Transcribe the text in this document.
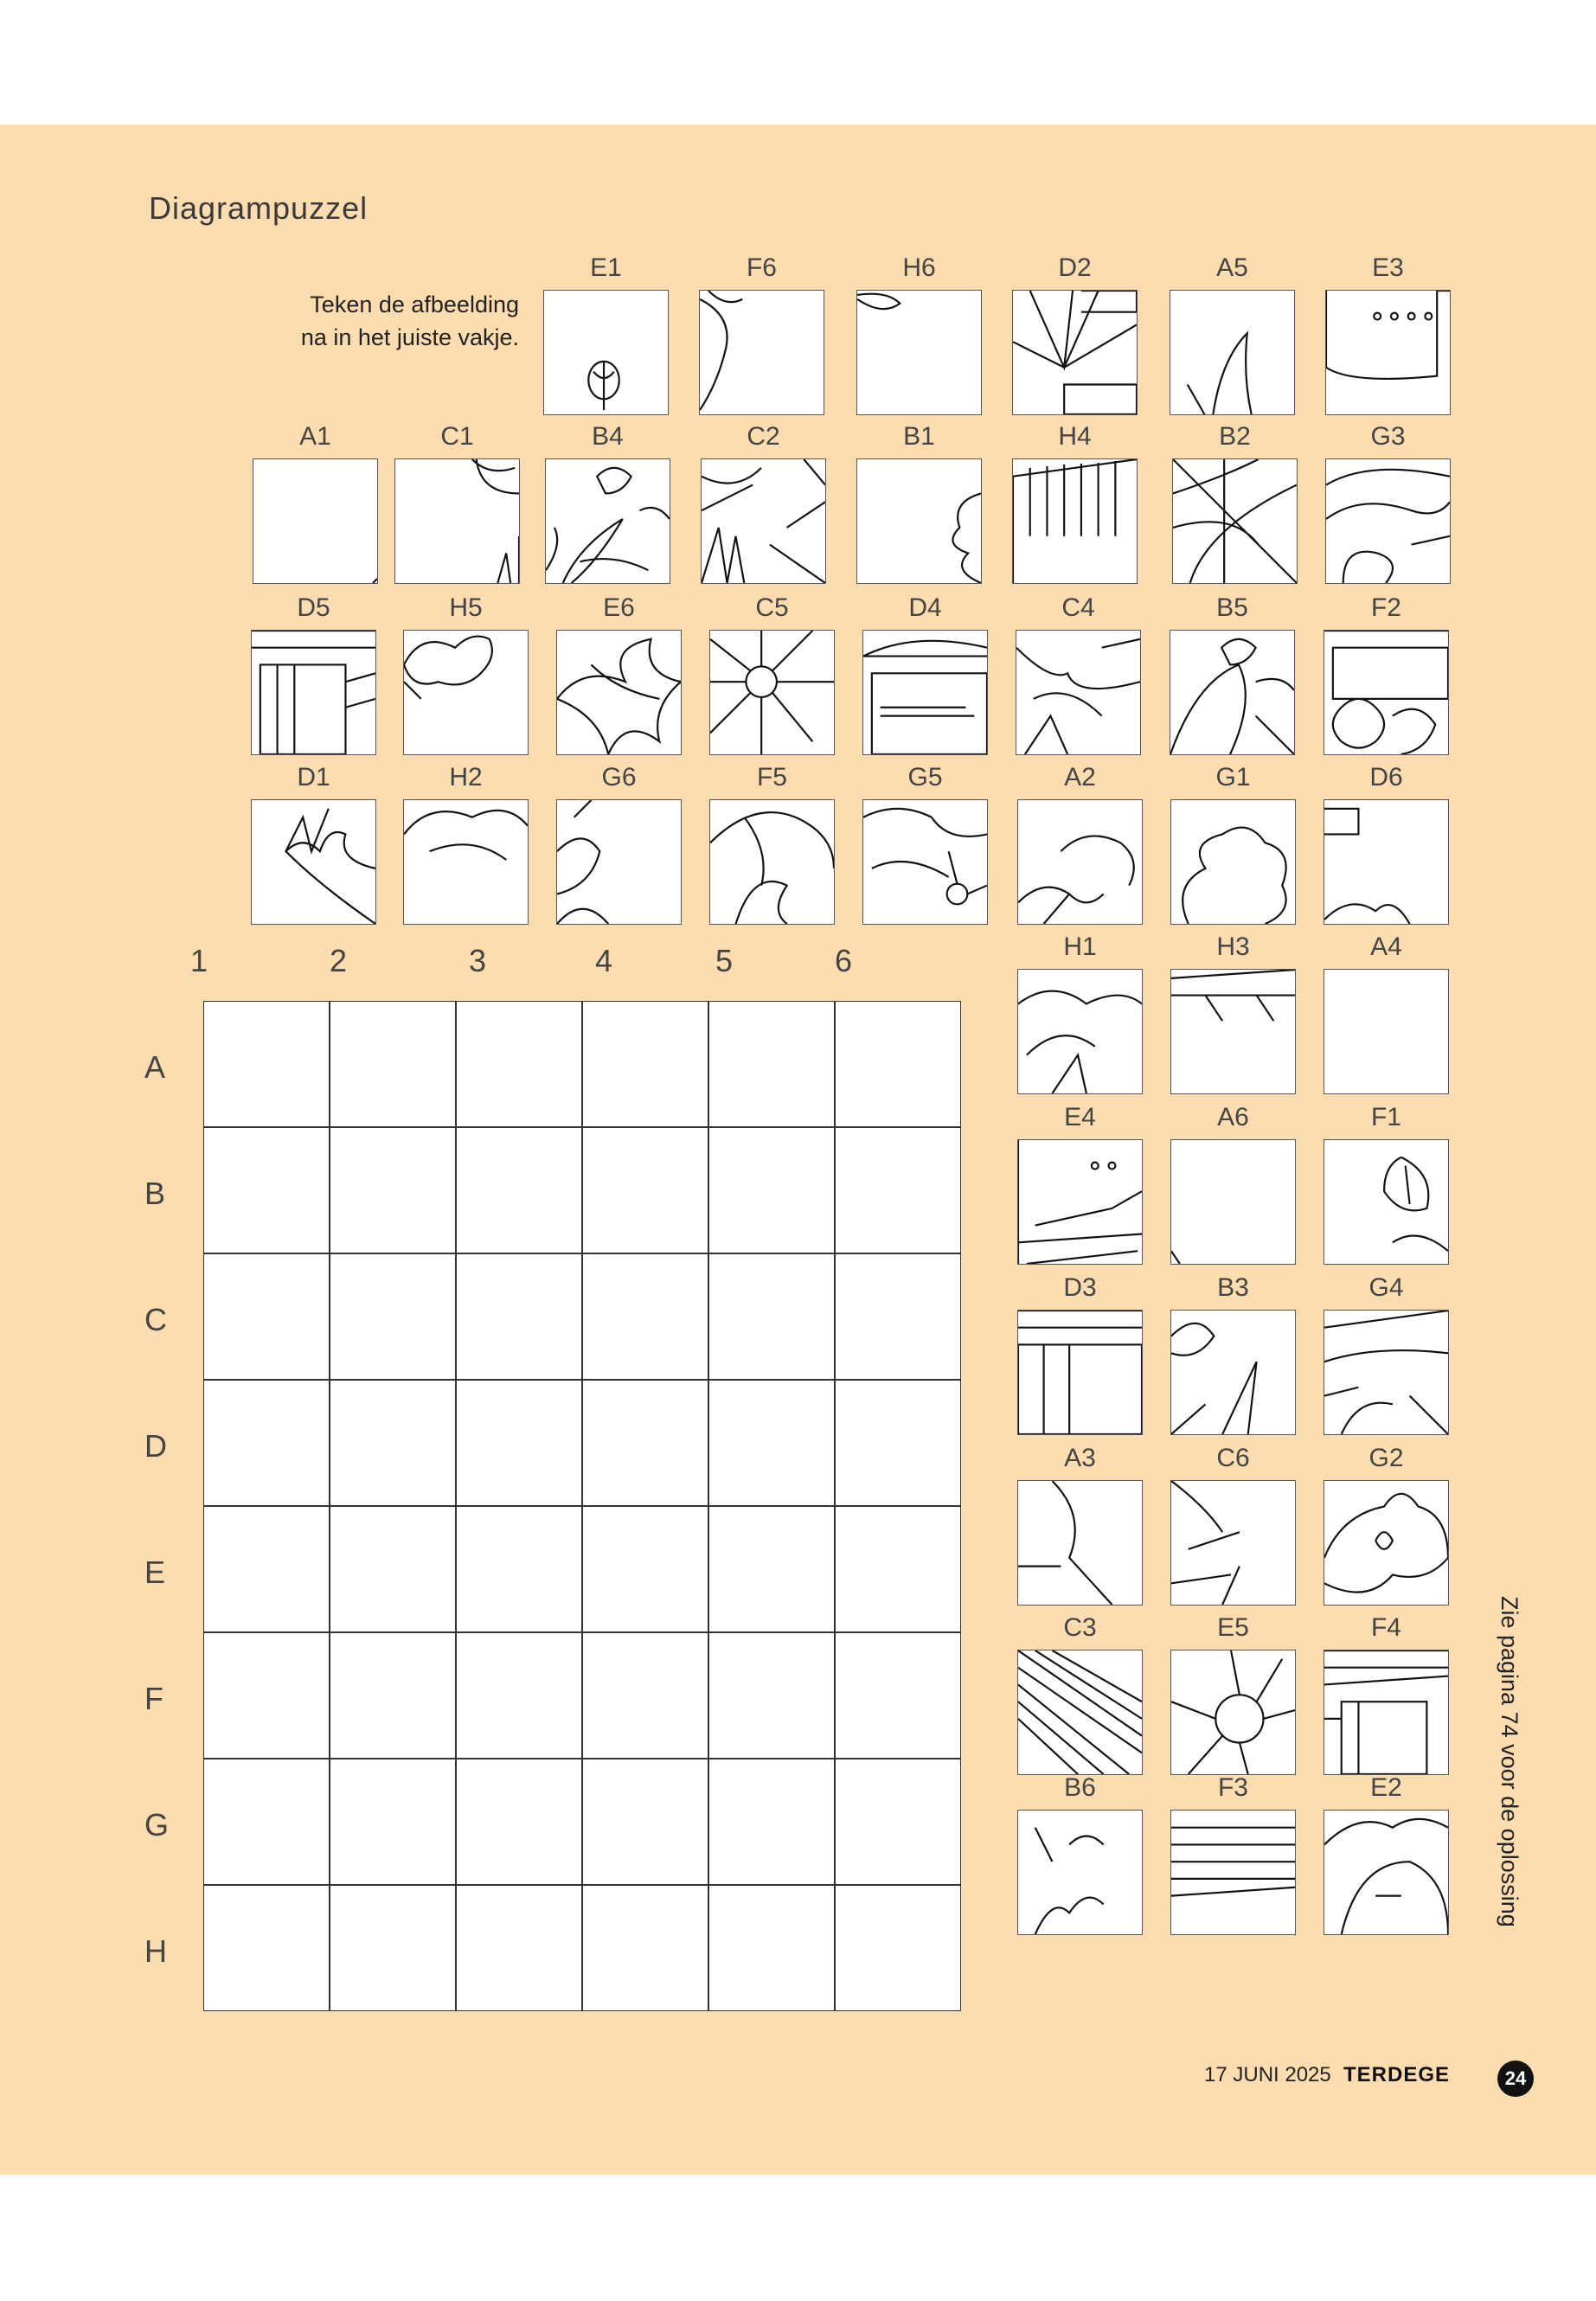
Diagrampuzzel
Teken de afbeelding
na in het juiste vakje.
E1	F6	H6	D2	A5	E3
A1	C1	B4	C2	B1	H4	B2	G3
D5	H5	E6	C5	D4	C4	B5	F2
D1	H2	G6	F5	G5	A2	G1	D6
H1	H3	A4
E4	A6	F1
D3	B3	G4
A3	C6	G2
C3	E5	F4
B6	F3	E2
1	2	3	4	5	6
A
B
C
D
E
F
G
H
Zie pagina 74 voor de oplossing
17 JUNI 2025 TERDEGE	24
